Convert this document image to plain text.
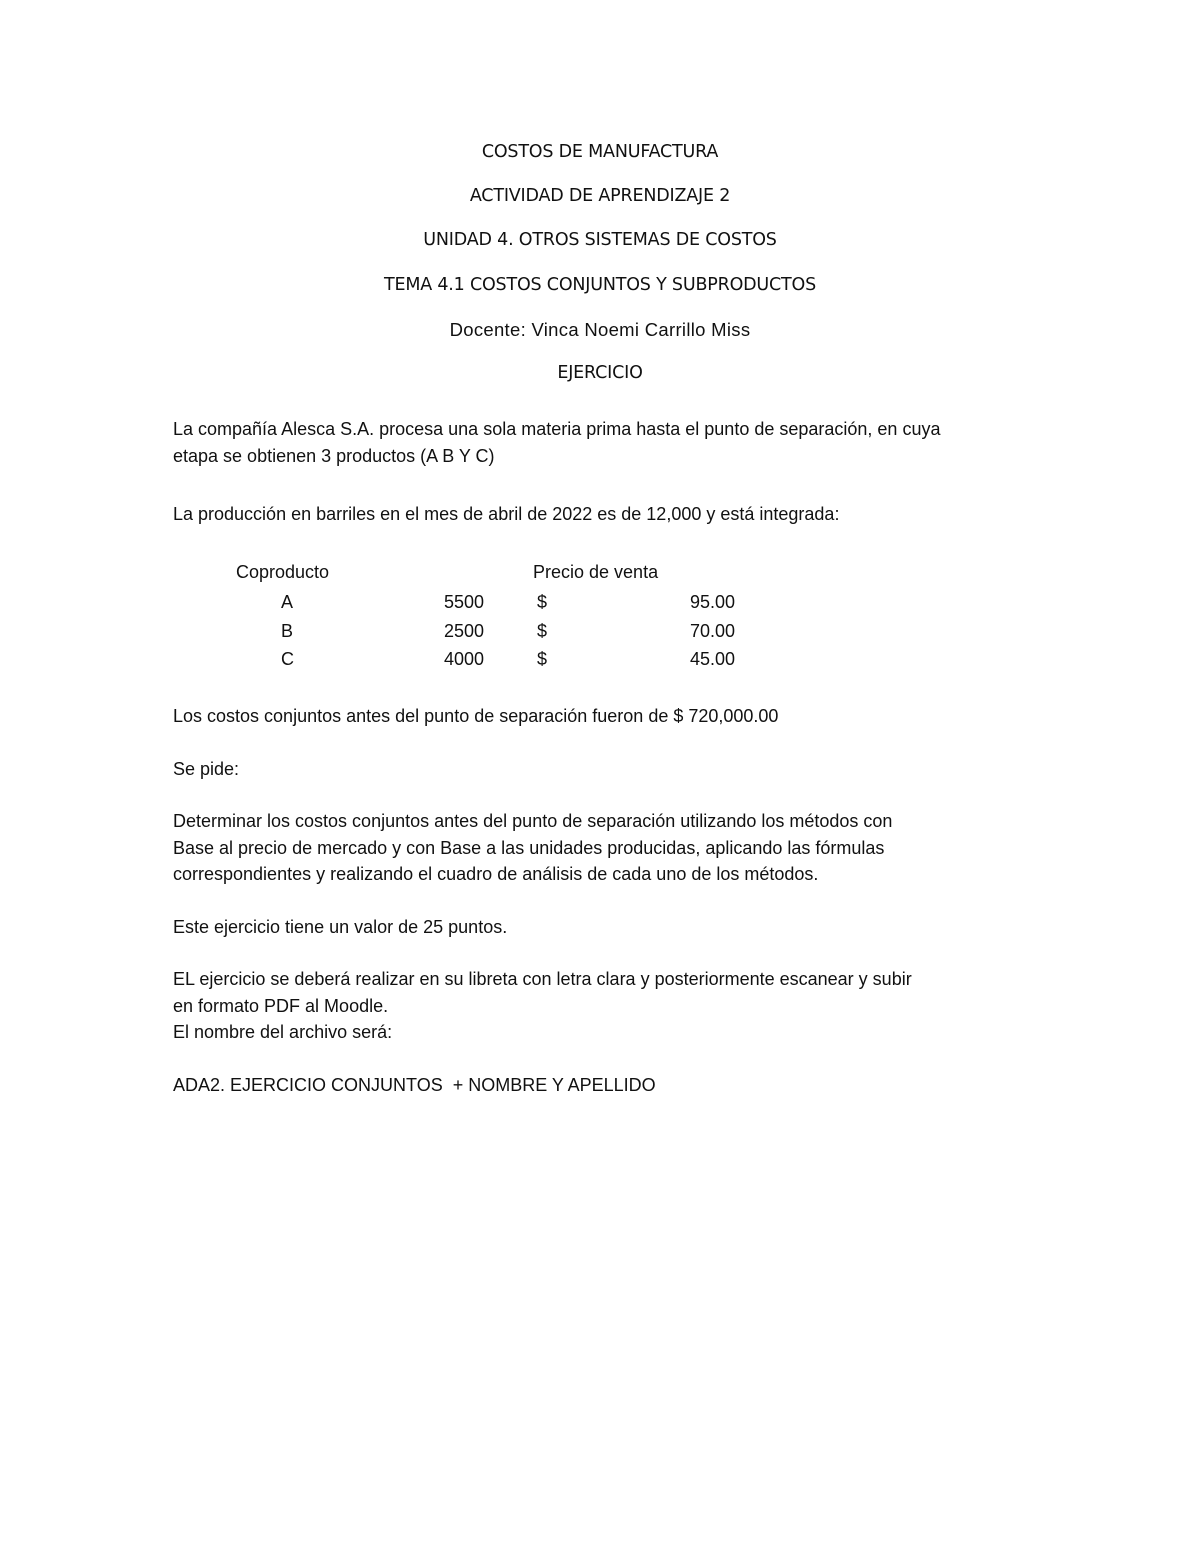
COSTOS DE MANUFACTURA
ACTIVIDAD DE APRENDIZAJE 2
UNIDAD 4. OTROS SISTEMAS DE COSTOS
TEMA 4.1 COSTOS CONJUNTOS Y SUBPRODUCTOS
Docente: Vinca Noemi Carrillo Miss
EJERCICIO
La compañía Alesca S.A. procesa una sola materia prima hasta el punto de separación, en cuya
etapa se obtienen 3 productos (A B Y C)
La producción en barriles en el mes de abril de 2022 es de 12,000 y está integrada:
Coproducto	Precio de venta
A	5500	$	95.00
B	2500	$	70.00
C	4000	$	45.00
Los costos conjuntos antes del punto de separación fueron de $ 720,000.00
Se pide:
Determinar los costos conjuntos antes del punto de separación utilizando los métodos con
Base al precio de mercado y con Base a las unidades producidas, aplicando las fórmulas
correspondientes y realizando el cuadro de análisis de cada uno de los métodos.
Este ejercicio tiene un valor de 25 puntos.
EL ejercicio se deberá realizar en su libreta con letra clara y posteriormente escanear y subir
en formato PDF al Moodle.
El nombre del archivo será:
ADA2. EJERCICIO CONJUNTOS  + NOMBRE Y APELLIDO
